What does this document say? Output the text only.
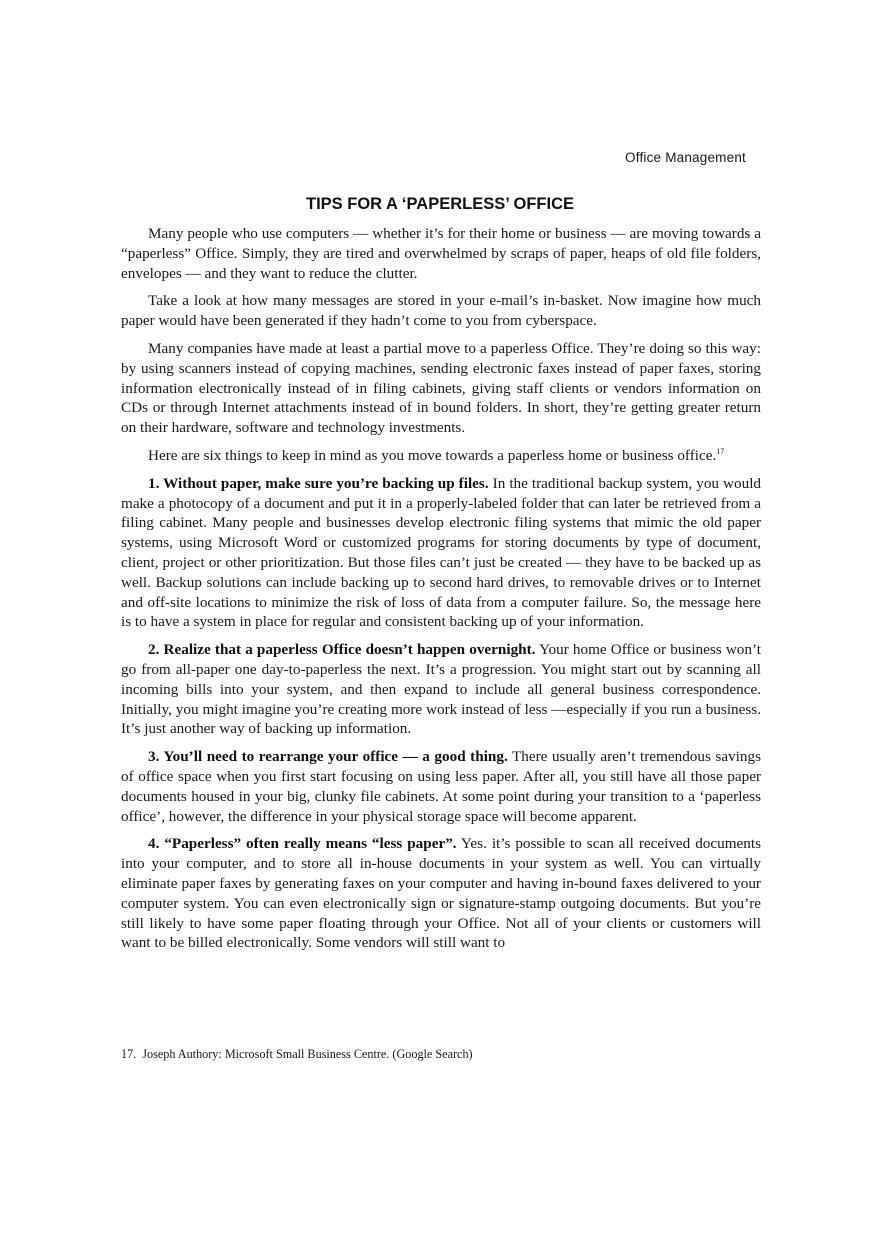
Office Management
TIPS FOR A ‘PAPERLESS’ OFFICE

Many people who use computers — whether it’s for their home or business — are moving towards a “paperless” Office. Simply, they are tired and overwhelmed by scraps of paper, heaps of old file folders, envelopes — and they want to reduce the clutter.

Take a look at how many messages are stored in your e-mail’s in-basket. Now imagine how much paper would have been generated if they hadn’t come to you from cyberspace.

Many companies have made at least a partial move to a paperless Office. They’re doing so this way: by using scanners instead of copying machines, sending electronic faxes instead of paper faxes, storing information electronically instead of in filing cabinets, giving staff clients or vendors information on CDs or through Internet attachments instead of in bound folders. In short, they’re getting greater return on their hardware, software and technology investments.

Here are six things to keep in mind as you move towards a paperless home or business office.$^{17}$

1. Without paper, make sure you’re backing up files. In the traditional backup system, you would make a photocopy of a document and put it in a properly-labeled folder that can later be retrieved from a filing cabinet. Many people and businesses develop electronic filing systems that mimic the old paper systems, using Microsoft Word or customized programs for storing documents by type of document, client, project or other prioritization. But those files can’t just be created — they have to be backed up as well. Backup solutions can include backing up to second hard drives, to removable drives or to Internet and off-site locations to minimize the risk of loss of data from a computer failure. So, the message here is to have a system in place for regular and consistent backing up of your information.

2. Realize that a paperless Office doesn’t happen overnight. Your home Office or business won’t go from all-paper one day-to-paperless the next. It’s a progression. You might start out by scanning all incoming bills into your system, and then expand to include all general business correspondence. Initially, you might imagine you’re creating more work instead of less —especially if you run a business. It’s just another way of backing up information.

3. You’ll need to rearrange your office — a good thing. There usually aren’t tremendous savings of office space when you first start focusing on using less paper. After all, you still have all those paper documents housed in your big, clunky file cabinets. At some point during your transition to a ‘paperless office’, however, the difference in your physical storage space will become apparent.

4. “Paperless” often really means “less paper”. Yes. it’s possible to scan all received documents into your computer, and to store all in-house documents in your system as well. You can virtually eliminate paper faxes by generating faxes on your computer and having in-bound faxes delivered to your computer system. You can even electronically sign or signature-stamp outgoing documents. But you’re still likely to have some paper floating through your Office. Not all of your clients or customers will want to be billed electronically. Some vendors will still want to

17. Joseph Authory: Microsoft Small Business Centre. (Google Search)
